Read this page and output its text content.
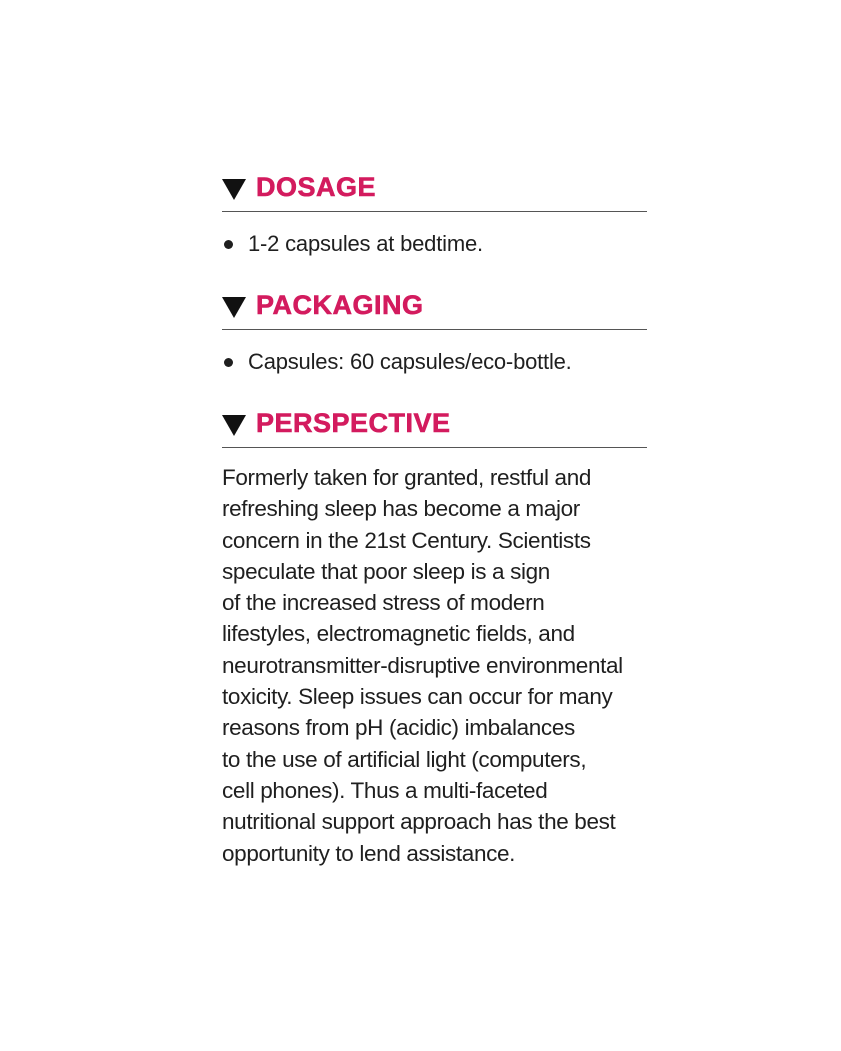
DOSAGE
1-2 capsules at bedtime.
PACKAGING
Capsules: 60 capsules/eco-bottle.
PERSPECTIVE
Formerly taken for granted, restful and
refreshing sleep has become a major
concern in the 21st Century. Scientists
speculate that poor sleep is a sign
of the increased stress of modern
lifestyles, electromagnetic fields, and
neurotransmitter-disruptive environmental
toxicity. Sleep issues can occur for many
reasons from pH (acidic) imbalances
to the use of artificial light (computers,
cell phones). Thus a multi-faceted
nutritional support approach has the best
opportunity to lend assistance.
